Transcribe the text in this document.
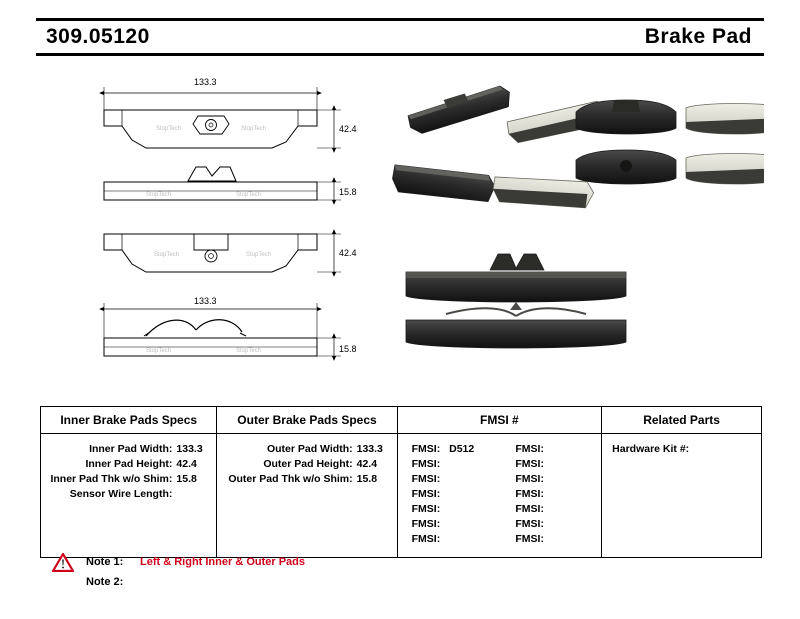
309.05120	Brake Pad
133.3
StopTech	StopTech	42.4
StopTech	StopTech	15.8
StopTech	StopTech	42.4
133.3
StopTech	StopTech	15.8
Inner Brake Pads Specs	Outer Brake Pads Specs	FMSI #	Related Parts

Inner Pad Width: 133.3
Inner Pad Height: 42.4
Inner Pad Thk w/o Shim: 15.8
Sensor Wire Length:

Outer Pad Width: 133.3
Outer Pad Height: 42.4
Outer Pad Thk w/o Shim: 15.8

FMSI: D512
FMSI:
FMSI:
FMSI:
FMSI:
FMSI:
FMSI:
FMSI:
FMSI:
FMSI:
FMSI:
FMSI:
FMSI:
FMSI:

Hardware Kit #:
Note 1:	Left & Right Inner & Outer Pads
Note 2:
